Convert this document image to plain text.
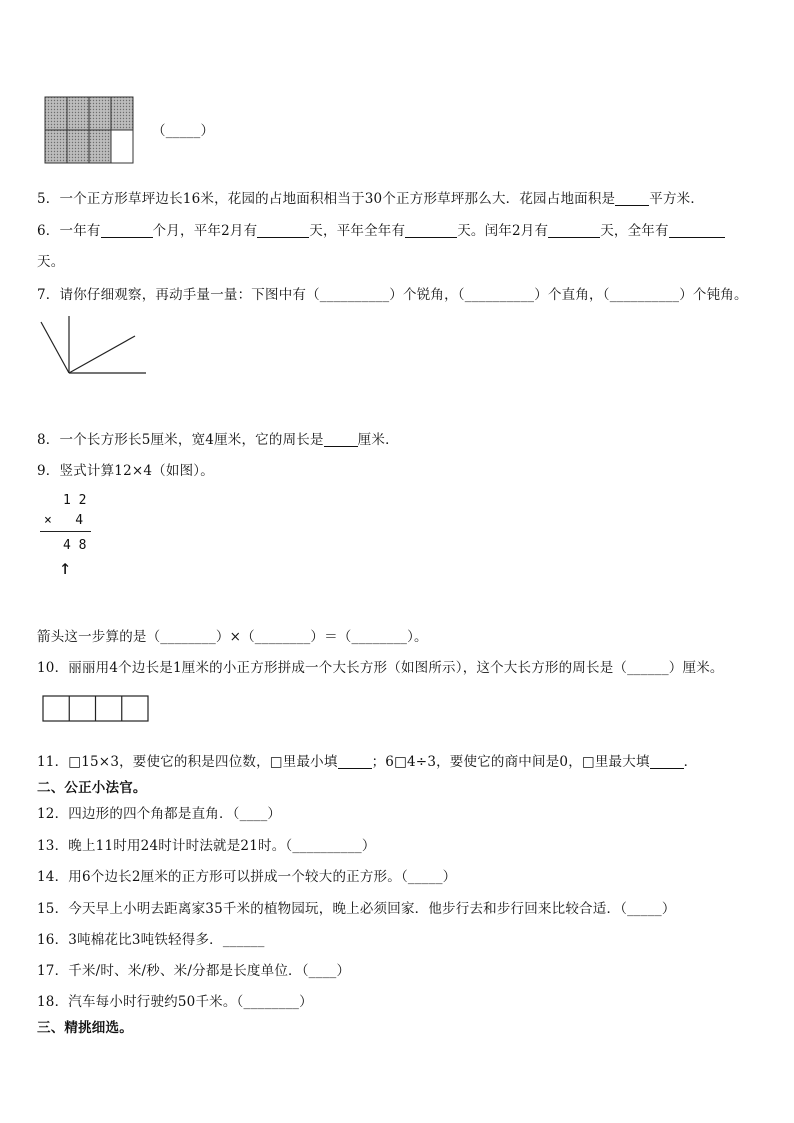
（_____）
5．一个正方形草坪边长16米，花园的占地面积相当于30个正方形草坪那么大．花园占地面积是	平方米．
6．一年有	个月，平年2月有	天，平年全年有	天。闰年2月有	天，全年有
天。
7．请你仔细观察，再动手量一量：下图中有（__________）个锐角，（__________）个直角，（__________）个钝角。
8．一个长方形长5厘米，宽4厘米，它的周长是	厘米．
9．竖式计算12×4（如图）。
1 2
×   4
4 8
↑
箭头这一步算的是（________）×（________）＝（________）。
10．丽丽用4个边长是1厘米的小正方形拼成一个大长方形（如图所示），这个大长方形的周长是（______）厘米。
11．□15×3，要使它的积是四位数，□里最小填	；6□4÷3，要使它的商中间是0，□里最大填	．
二、公正小法官。
12．四边形的四个角都是直角．（____）
13．晚上11时用24时计时法就是21时。（__________）
14．用6个边长2厘米的正方形可以拼成一个较大的正方形。（_____）
15．今天早上小明去距离家35千米的植物园玩，晚上必须回家．他步行去和步行回来比较合适．（_____）
16．3吨棉花比3吨铁轻得多．______
17．千米/时、米/秒、米/分都是长度单位．（____）
18．汽车每小时行驶约50千米。（________）
三、精挑细选。
